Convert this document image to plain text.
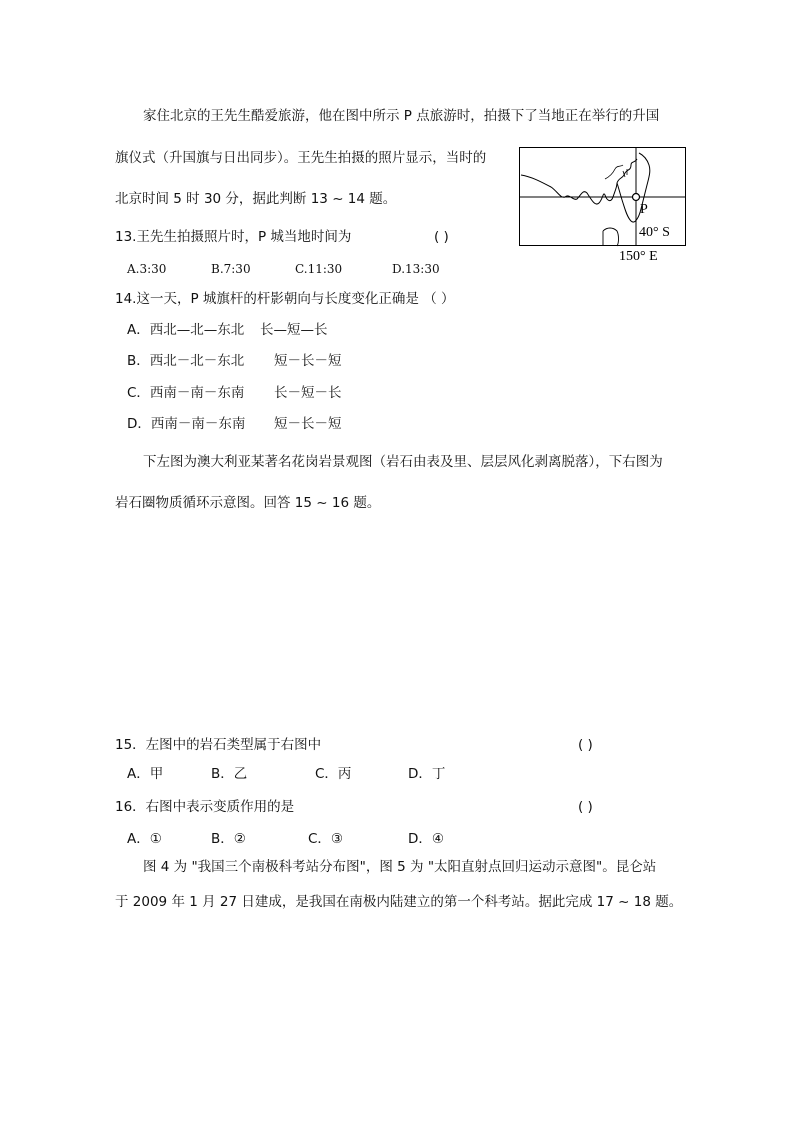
家住北京的王先生酷爱旅游，他在图中所示 P 点旅游时，拍摄下了当地正在举行的升国
旗仪式（升国旗与日出同步）。王先生拍摄的照片显示，当时的
北京时间 5 时 30 分，据此判断 13 ~ 14 题。
P
40° S
150° E
13.王先生拍摄照片时，P 城当地时间为	( )
A.3:30	B.7:30	C.11:30	D.13:30
14.这一天，P 城旗杆的杆影朝向与长度变化正确是 （ ）
A．西北—北—东北 长—短—长
B．西北－北－东北 短－长－短
C．西南－南－东南 长－短－长
D．西南－南－东南 短－长－短
下左图为澳大利亚某著名花岗岩景观图（岩石由表及里、层层风化剥离脱落），下右图为
岩石圈物质循环示意图。回答 15 ~ 16 题。
15．左图中的岩石类型属于右图中	( )
A．甲	B．乙	C．丙	D．丁
16．右图中表示变质作用的是	( )
A．①	B．②	C．③	D．④
图 4 为 "我国三个南极科考站分布图"，图 5 为 "太阳直射点回归运动示意图"。昆仑站
于 2009 年 1 月 27 日建成，是我国在南极内陆建立的第一个科考站。据此完成 17 ~ 18 题。
